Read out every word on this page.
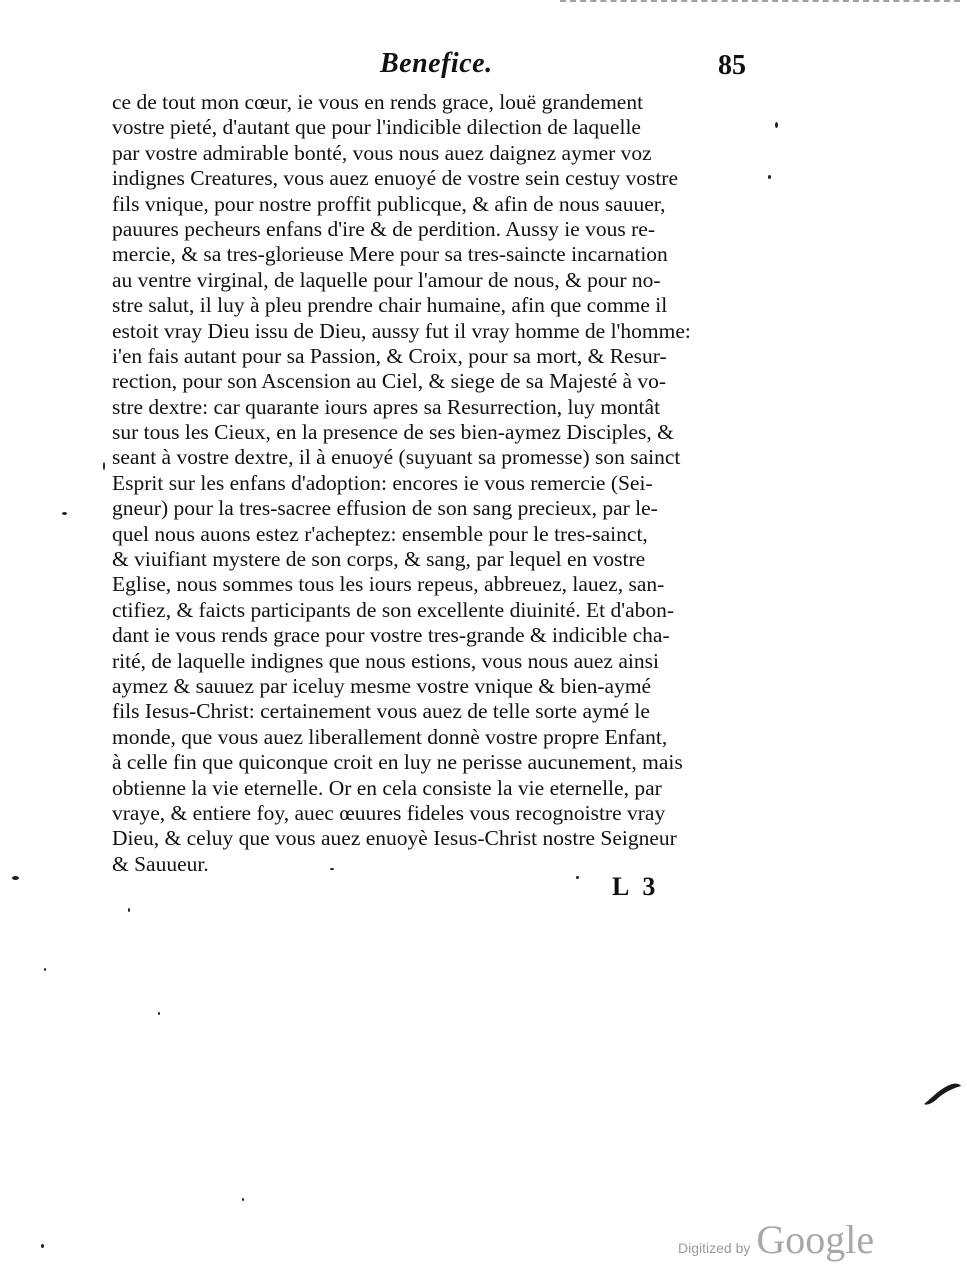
Benefice.	85
ce de tout mon cœur, ie vous en rends grace, louë grandement
vostre pieté, d'autant que pour l'indicible dilection de laquelle
par vostre admirable bonté, vous nous auez daignez aymer voz
indignes Creatures, vous auez enuoyé de vostre sein cestuy vostre
fils vnique, pour nostre proffit publicque, & afin de nous sauuer,
pauures pecheurs enfans d'ire & de perdition. Aussy ie vous re-
mercie, & sa tres-glorieuse Mere pour sa tres-saincte incarnation
au ventre virginal, de laquelle pour l'amour de nous, & pour no-
stre salut, il luy à pleu prendre chair humaine, afin que comme il
estoit vray Dieu issu de Dieu, aussy fut il vray homme de l'homme:
i'en fais autant pour sa Passion, & Croix, pour sa mort, & Resur-
rection, pour son Ascension au Ciel, & siege de sa Majesté à vo-
stre dextre: car quarante iours apres sa Resurrection, luy montât
sur tous les Cieux, en la presence de ses bien-aymez Disciples, &
seant à vostre dextre, il à enuoyé (suyuant sa promesse) son sainct
Esprit sur les enfans d'adoption: encores ie vous remercie (Sei-
gneur) pour la tres-sacree effusion de son sang precieux, par le-
quel nous auons estez r'acheptez: ensemble pour le tres-sainct,
& viuifiant mystere de son corps, & sang, par lequel en vostre
Eglise, nous sommes tous les iours repeus, abbreuez, lauez, san-
ctifiez, & faicts participants de son excellente diuinité. Et d'abon-
dant ie vous rends grace pour vostre tres-grande & indicible cha-
rité, de laquelle indignes que nous estions, vous nous auez ainsi
aymez & sauuez par iceluy mesme vostre vnique & bien-aymé
fils Iesus-Christ: certainement vous auez de telle sorte aymé le
monde, que vous auez liberallement donnè vostre propre Enfant,
à celle fin que quiconque croit en luy ne perisse aucunement, mais
obtienne la vie eternelle. Or en cela consiste la vie eternelle, par
vraye, & entiere foy, auec œuures fideles vous recognoistre vray
Dieu, & celuy que vous auez enuoyè Iesus-Christ nostre Seigneur
& Sauueur.
L 3
Digitized by Google
